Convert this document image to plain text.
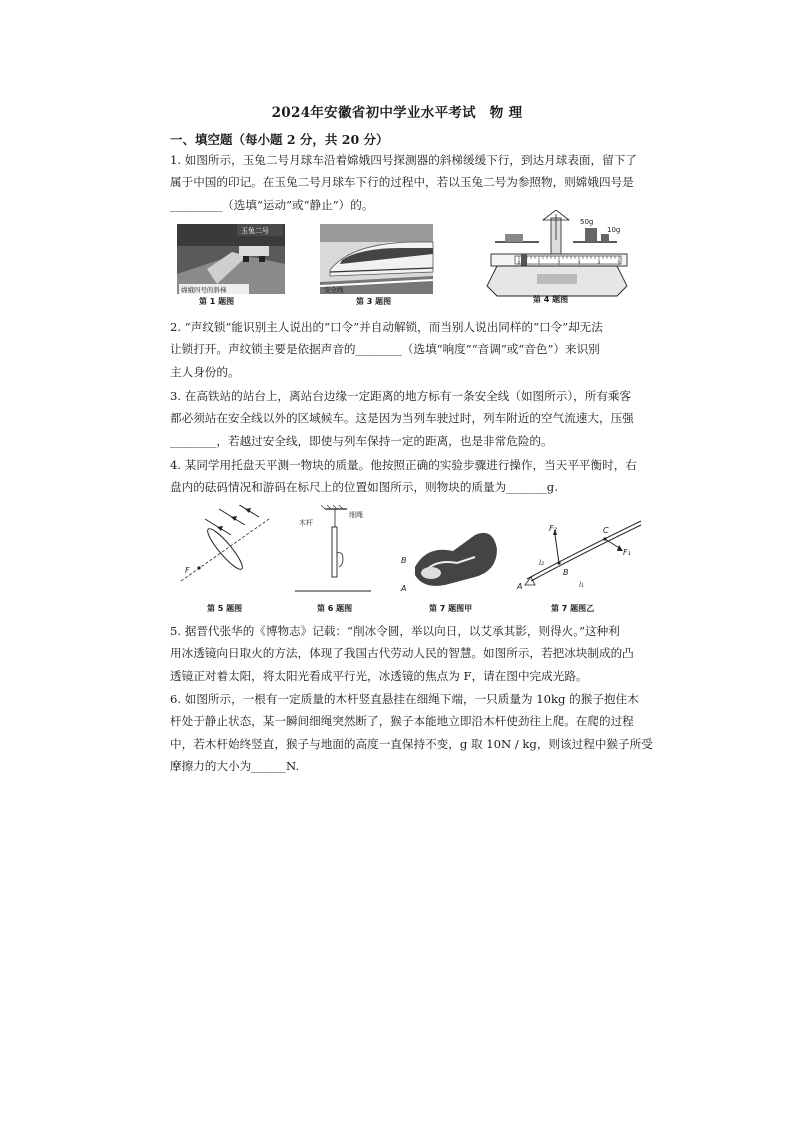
2024年安徽省初中学业水平考试　物 理
一、填空题（每小题 2 分，共 20 分）
1. 如图所示，玉兔二号月球车沿着嫦娥四号探测器的斜梯缓缓下行，到达月球表面，留下了
属于中国的印记。在玉兔二号月球车下行的过程中，若以玉兔二号为参照物，则嫦娥四号是
_________（选填“运动”或“静止”）的。
玉兔二号
嫦娥四号的斜梯
第 1 题图
安全线
第 3 题图
50g
10g
0	1	2	3	4	5
第 4 题图
2. “声纹锁”能识别主人说出的“口令”并自动解锁，而当别人说出同样的“口令”却无法
让锁打开。声纹锁主要是依据声音的________（选填“响度”“音调”或“音色”）来识别
主人身份的。
3. 在高铁站的站台上，离站台边缘一定距离的地方标有一条安全线（如图所示），所有乘客
都必须站在安全线以外的区域候车。这是因为当列车驶过时，列车附近的空气流速大，压强
________，若越过安全线，即使与列车保持一定的距离，也是非常危险的。
4. 某同学用托盘天平测一物块的质量。他按照正确的实验步骤进行操作，当天平平衡时，右
盘内的砝码情况和游码在标尺上的位置如图所示，则物块的质量为_______g.
F
木杆
细绳
B
A
F₂	C
F₁
l₂
B
l₁
A
第 5 题图	第 6 题图	第 7 题图甲	第 7 题图乙
5. 据晋代张华的《博物志》记载：“削冰令圆，举以向日，以艾承其影，则得火。”这种利
用冰透镜向日取火的方法，体现了我国古代劳动人民的智慧。如图所示，若把冰块制成的凸
透镜正对着太阳，将太阳光看成平行光，冰透镜的焦点为 F，请在图中完成光路。
6. 如图所示，一根有一定质量的木杆竖直悬挂在细绳下端，一只质量为 10kg 的猴子抱住木
杆处于静止状态，某一瞬间细绳突然断了，猴子本能地立即沿木杆使劲往上爬。在爬的过程
中，若木杆始终竖直，猴子与地面的高度一直保持不变，g 取 10N / kg，则该过程中猴子所受
摩擦力的大小为______N.
